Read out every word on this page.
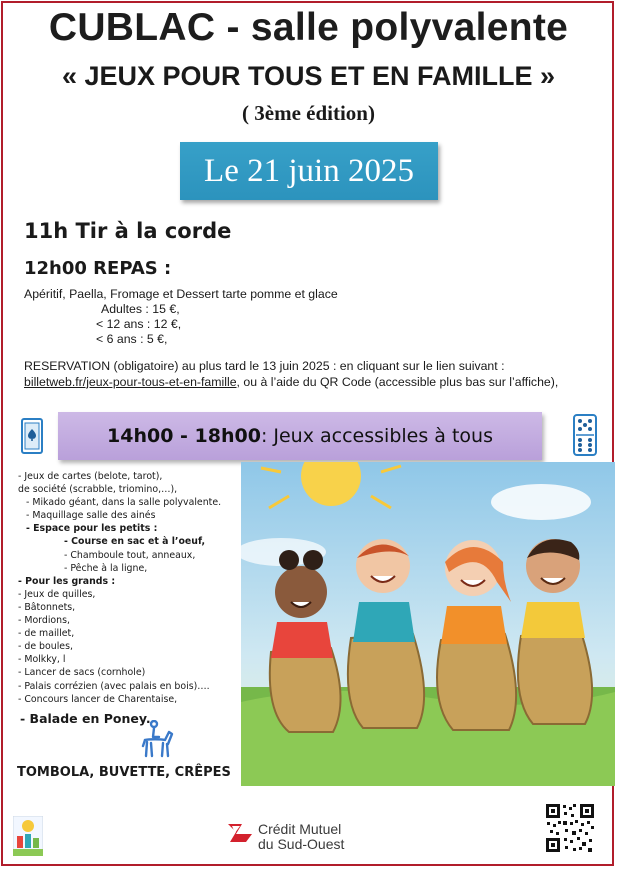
CUBLAC - salle polyvalente
« JEUX POUR TOUS ET EN FAMILLE »
( 3ème édition)
Le 21 juin 2025
11h Tir à la corde
12h00 REPAS :
Apéritif, Paella, Fromage et Dessert tarte pomme et glace
Adultes : 15 €,
< 12 ans : 12 €,
< 6 ans : 5 €,
RESERVATION (obligatoire) au plus tard le 13 juin 2025 : en cliquant sur le lien suivant :
billetweb.fr/jeux-pour-tous-et-en-famille, ou à l’aide du QR Code (accessible plus bas sur l’affiche),
14h00 - 18h00 : Jeux accessibles à tous
- Jeux de cartes (belote, tarot),
de société (scrabble, triomino,…),
- Mikado géant, dans la salle polyvalente.
- Maquillage salle des ainés
- Espace pour les petits :
- Course en sac et à l’oeuf,
- Chamboule tout, anneaux,
- Pêche à la ligne,
- Pour les grands :
- Jeux de quilles,
- Bâtonnets,
- Mordions,
- de maillet,
- de boules,
- Molkky, l
- Lancer de sacs (cornhole)
- Palais corrézien (avec palais en bois)….
- Concours lancer de Charentaise,
- Balade en Poney.
TOMBOLA, BUVETTE, CRÊPES
Crédit Mutuel
du Sud-Ouest
